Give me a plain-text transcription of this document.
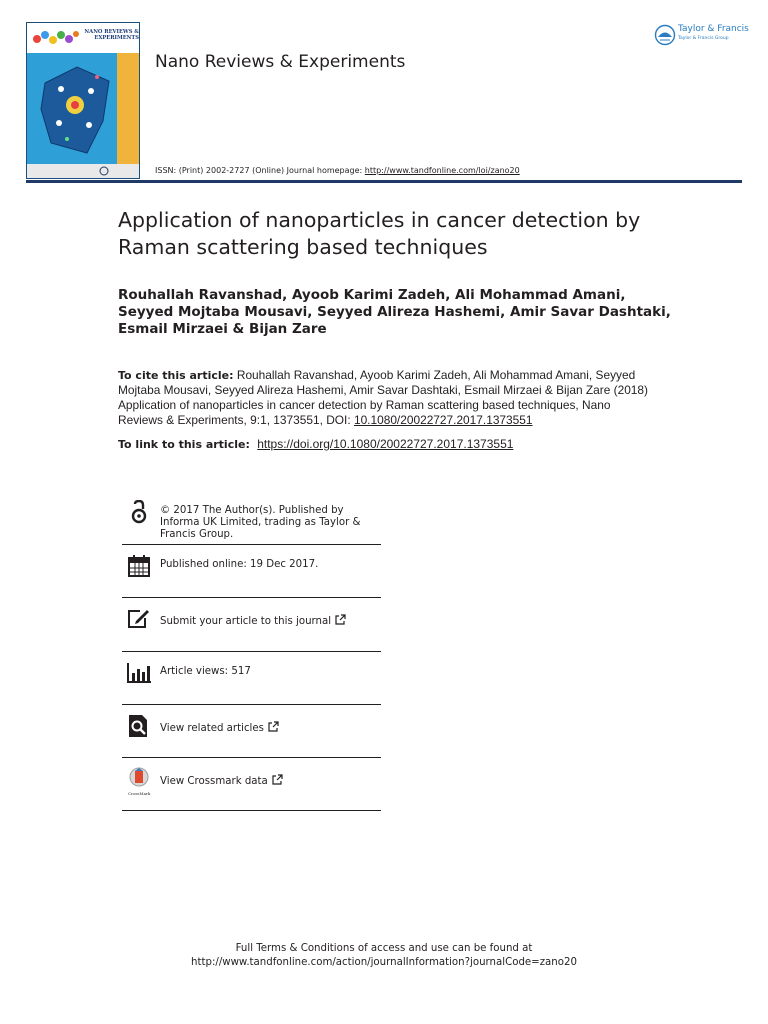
NANO REVIEWS & EXPERIMENTS
Nano Reviews & Experiments
Taylor & Francis
Taylor & Francis Group
ISSN: (Print) 2002-2727 (Online) Journal homepage: http://www.tandfonline.com/loi/zano20
Application of nanoparticles in cancer detection by Raman scattering based techniques
Rouhallah Ravanshad, Ayoob Karimi Zadeh, Ali Mohammad Amani, Seyyed Mojtaba Mousavi, Seyyed Alireza Hashemi, Amir Savar Dashtaki, Esmail Mirzaei & Bijan Zare
To cite this article: Rouhallah Ravanshad, Ayoob Karimi Zadeh, Ali Mohammad Amani, Seyyed Mojtaba Mousavi, Seyyed Alireza Hashemi, Amir Savar Dashtaki, Esmail Mirzaei & Bijan Zare (2018) Application of nanoparticles in cancer detection by Raman scattering based techniques, Nano Reviews & Experiments, 9:1, 1373551, DOI: 10.1080/20022727.2017.1373551
To link to this article: https://doi.org/10.1080/20022727.2017.1373551
© 2017 The Author(s). Published by Informa UK Limited, trading as Taylor & Francis Group.
Published online: 19 Dec 2017.
Submit your article to this journal
Article views: 517
View related articles
CrossMark
View Crossmark data
Full Terms & Conditions of access and use can be found at
http://www.tandfonline.com/action/journalInformation?journalCode=zano20
